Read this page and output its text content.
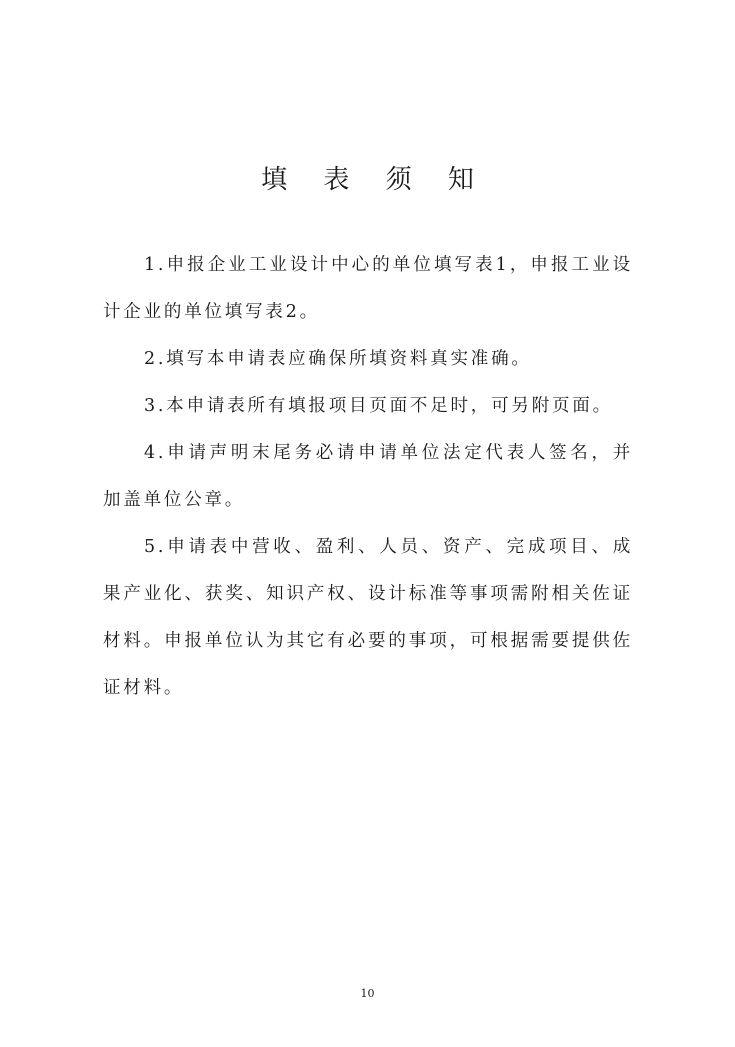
填 表 须 知

1.申报企业工业设计中心的单位填写表1，申报工业设计企业的单位填写表2。

2.填写本申请表应确保所填资料真实准确。

3.本申请表所有填报项目页面不足时，可另附页面。

4.申请声明末尾务必请申请单位法定代表人签名，并加盖单位公章。

5.申请表中营收、盈利、人员、资产、完成项目、成果产业化、获奖、知识产权、设计标准等事项需附相关佐证材料。申报单位认为其它有必要的事项，可根据需要提供佐证材料。

10
